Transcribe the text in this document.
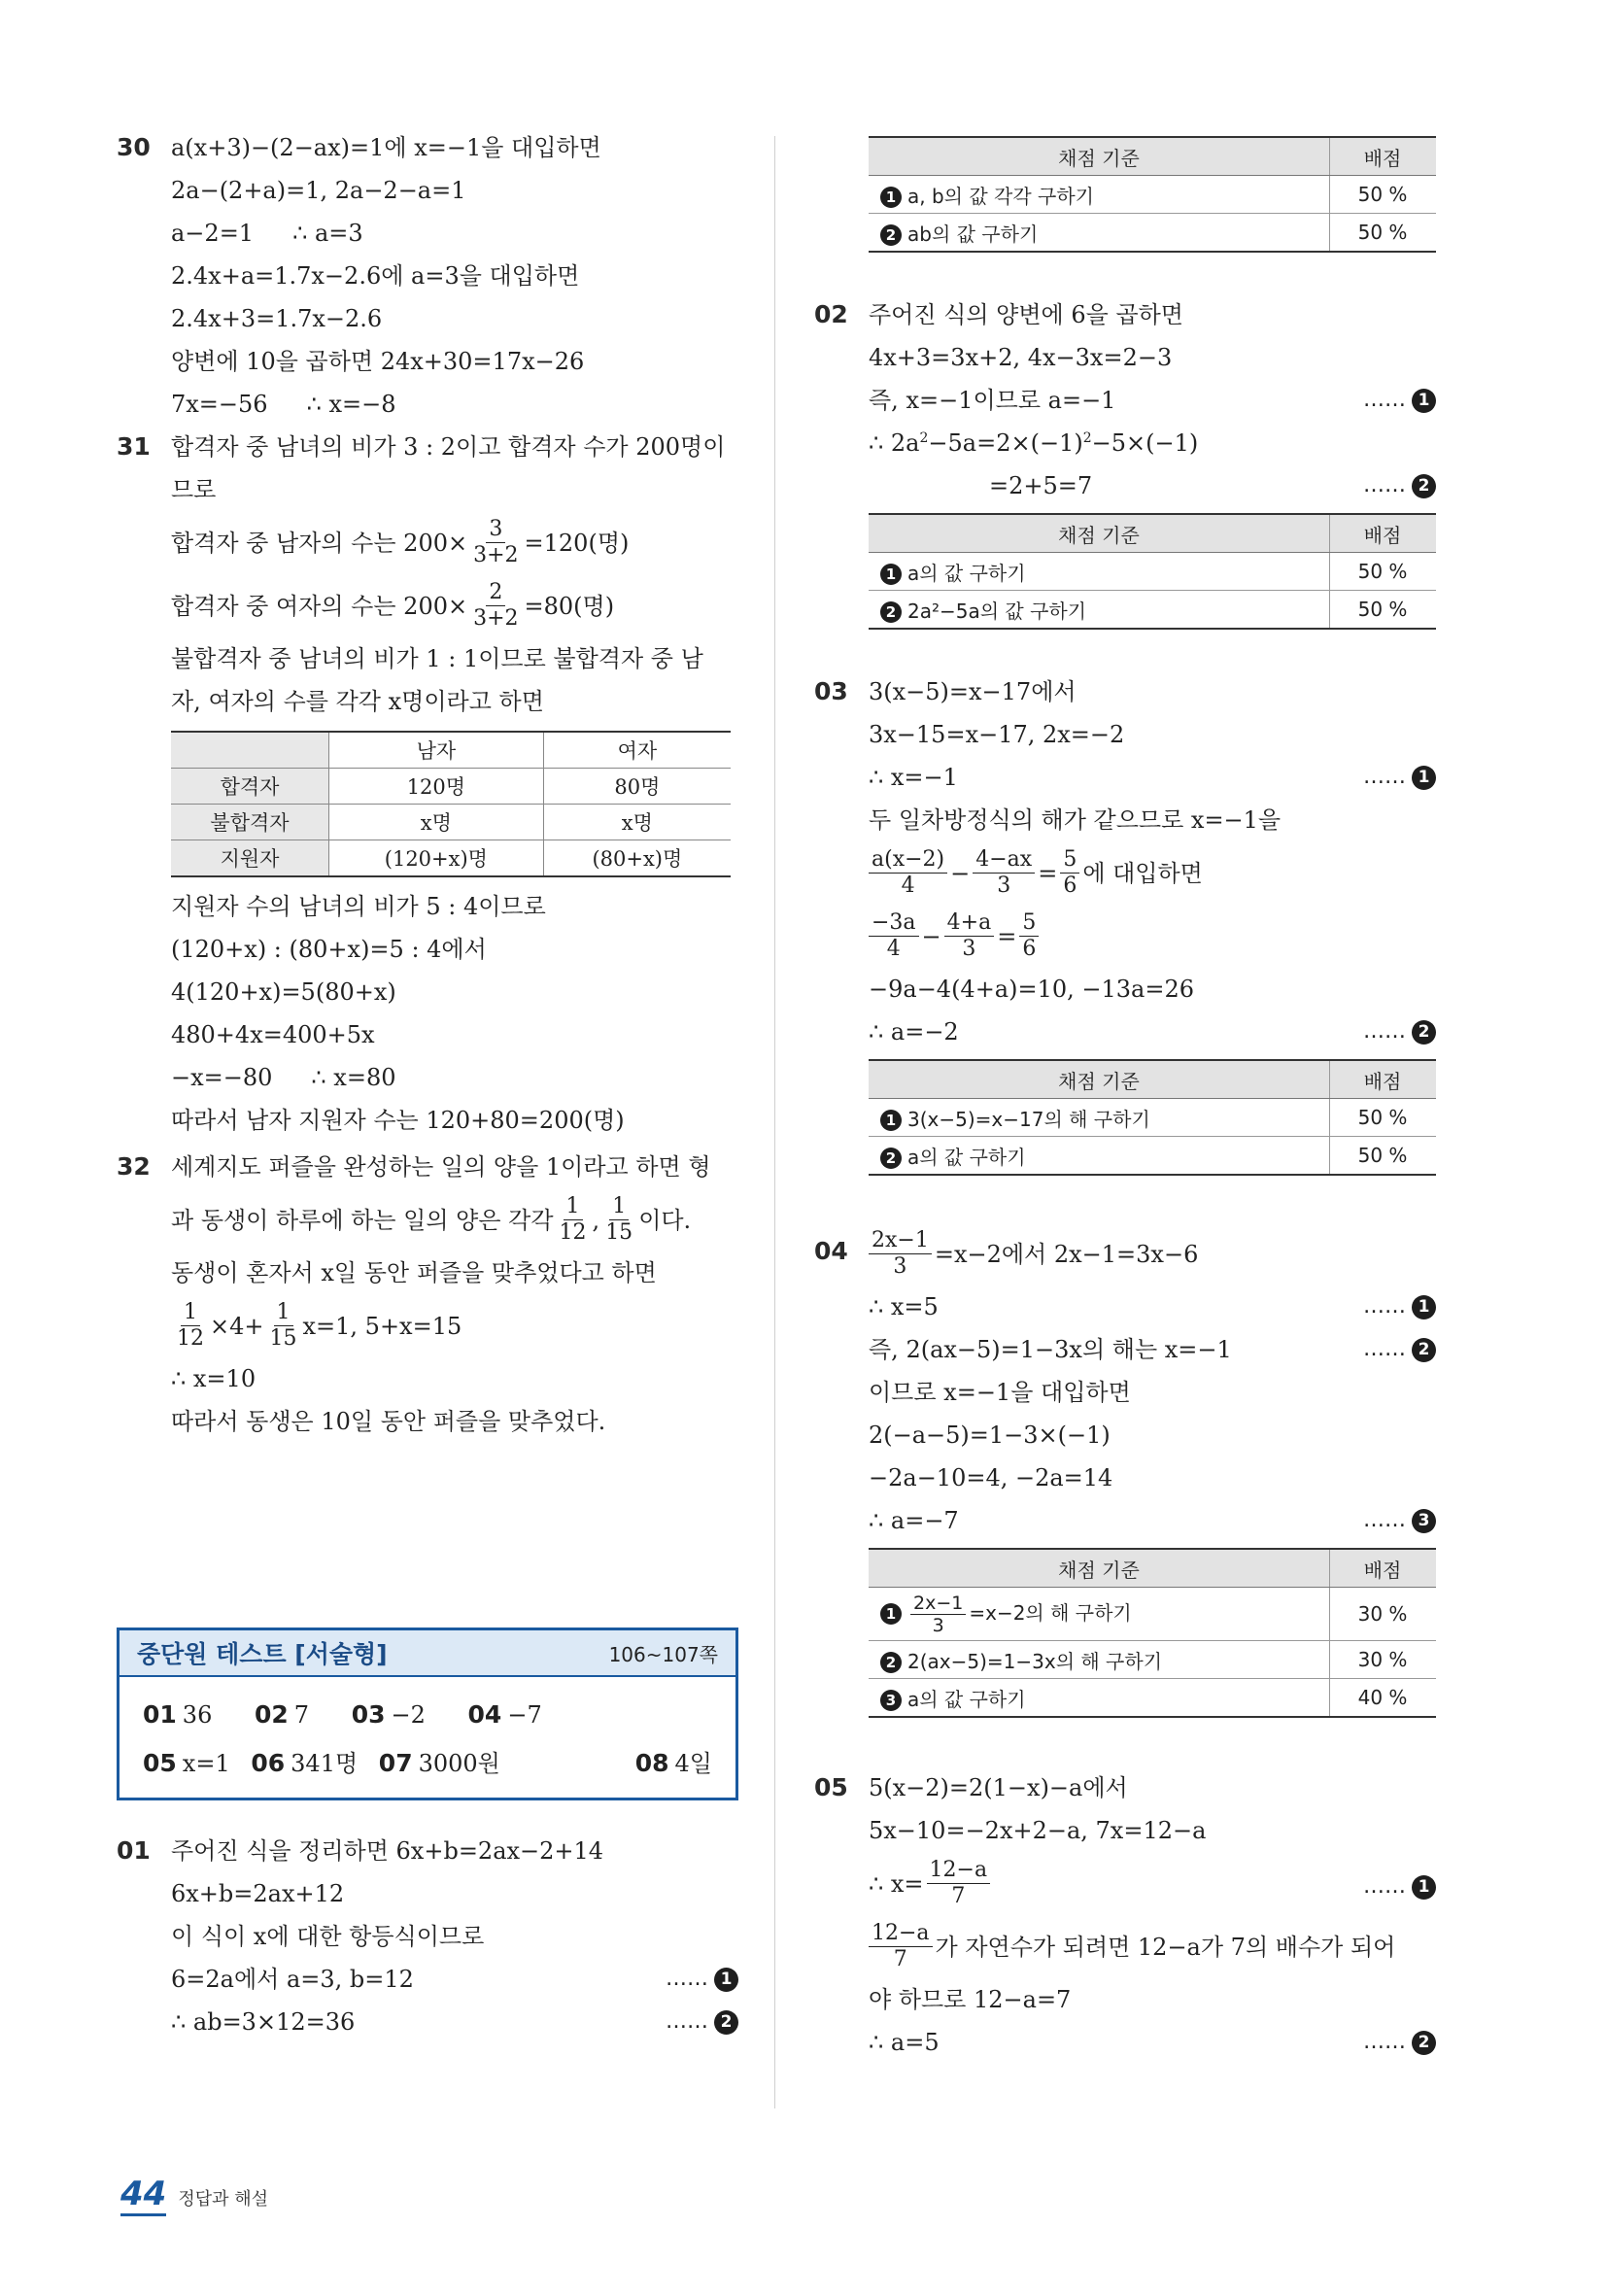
30 a(x+3)−(2−ax)=1에 x=−1을 대입하면
2a−(2+a)=1, 2a−2−a=1
a−2=1 ∴ a=3
2.4x+a=1.7x−2.6에 a=3을 대입하면
2.4x+3=1.7x−2.6
양변에 10을 곱하면 24x+30=17x−26
7x=−56 ∴ x=−8
31 합격자 중 남녀의 비가 3 : 2이고 합격자 수가 200명이
므로
합격자 중 남자의 수는 $200\times \frac{3}{3+2} =120$(명)
합격자 중 여자의 수는 $200\times \frac{2}{3+2} =80$(명)
불합격자 중 남녀의 비가 1 : 1이므로 불합격자 중 남
자, 여자의 수를 각각 x명이라고 하면
	남자	여자
합격자	120명	80명
불합격자	x명	x명
지원자	(120+x)명	(80+x)명
지원자 수의 남녀의 비가 5 : 4이므로
(120+x) : (80+x)=5 : 4에서
4(120+x)=5(80+x)
480+4x=400+5x
−x=−80 ∴ x=80
따라서 남자 지원자 수는 120+80=200(명)
32 세계지도 퍼즐을 완성하는 일의 양을 1이라고 하면 형
과 동생이 하루에 하는 일의 양은 각각 $\frac{1}{12}$ , $\frac{1}{15}$ 이다.
동생이 혼자서 x일 동안 퍼즐을 맞추었다고 하면
$\frac{1}{12} \times 4+ \frac{1}{15} x=1$, 5+x=15
∴ x=10
따라서 동생은 10일 동안 퍼즐을 맞추었다.
중단원 테스트 [서술형]	106~107쪽
01 36 02 7 03 −2 04 −7
05 x=1 06 341명 07 3000원	08 4일
01 주어진 식을 정리하면 6x+b=2ax−2+14
6x+b=2ax+12
이 식이 x에 대한 항등식이므로
6=2a에서 a=3, b=12	…… 1
∴ ab=3×12=36	…… 2
채점 기준	배점
1 a, b의 값 각각 구하기	50 %
2 ab의 값 구하기	50 %
02 주어진 식의 양변에 6을 곱하면
4x+3=3x+2, 4x−3x=2−3
즉, x=−1이므로 a=−1	…… 1
∴ $2a^2-5a=2\times(-1)^2-5\times(-1)$
=2+5=7	…… 2
채점 기준	배점
1 a의 값 구하기	50 %
2 2a²−5a의 값 구하기	50 %
03 3(x−5)=x−17에서
3x−15=x−17, 2x=−2
∴ x=−1	…… 1
두 일차방정식의 해가 같으므로 x=−1을
$\frac{a(x-2)}{4} - \frac{4-ax}{3} = \frac{5}{6}$ 에 대입하면
$\frac{-3a}{4} - \frac{4+a}{3} = \frac{5}{6}$
−9a−4(4+a)=10, −13a=26
∴ a=−2	…… 2
채점 기준	배점
1 3(x−5)=x−17의 해 구하기	50 %
2 a의 값 구하기	50 %
$04 \frac{2x-1}{3} =x-2$에서 2x−1=3x−6
∴ x=5	…… 1
즉, 2(ax−5)=1−3x의 해는 x=−1	…… 2
이므로 x=−1을 대입하면
2(−a−5)=1−3×(−1)
−2a−10=4, −2a=14
∴ a=−7	…… 3
채점 기준	배점
$1 \frac{2x-1}{3} =x-2$의 해 구하기	30 %
2 2(ax−5)=1−3x의 해 구하기	30 %
3 a의 값 구하기	40 %
05 5(x−2)=2(1−x)−a에서
5x−10=−2x+2−a, 7x=12−a
∴ $x= \frac{12-a}{7}$	…… 1
$\frac{12-a}{7}$ 가 자연수가 되려면 12−a가 7의 배수가 되어
야 하므로 12−a=7
∴ a=5	…… 2
44 정답과 해설
